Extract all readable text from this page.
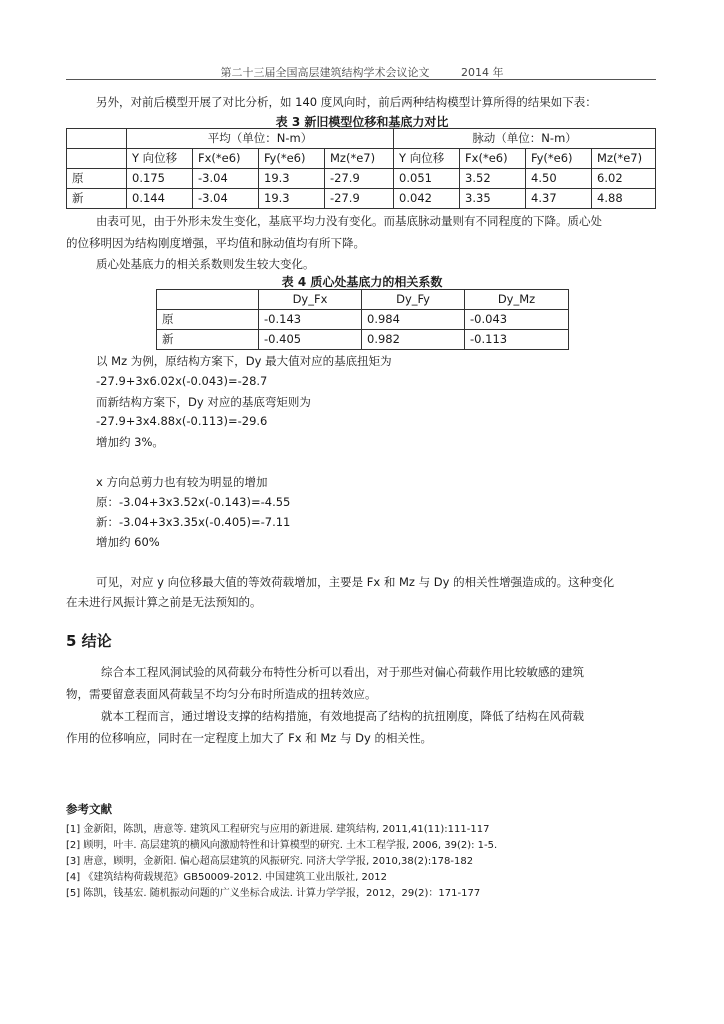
第二十三届全国高层建筑结构学术会议论文	2014 年
另外，对前后模型开展了对比分析，如 140 度风向时，前后两种结构模型计算所得的结果如下表：
表 3 新旧模型位移和基底力对比
	平均（单位：N-m）				脉动（单位：N-m）			
	Y 向位移	Fx(*e6)	Fy(*e6)	Mz(*e7)	Y 向位移	Fx(*e6)	Fy(*e6)	Mz(*e7)
原	0.175	-3.04	19.3	-27.9	0.051	3.52	4.50	6.02
新	0.144	-3.04	19.3	-27.9	0.042	3.35	4.37	4.88
由表可见，由于外形未发生变化，基底平均力没有变化。而基底脉动量则有不同程度的下降。质心处
的位移明因为结构刚度增强，平均值和脉动值均有所下降。
质心处基底力的相关系数则发生较大变化。
表 4 质心处基底力的相关系数
	Dy_Fx	Dy_Fy	Dy_Mz
原	-0.143	0.984	-0.043
新	-0.405	0.982	-0.113
以 Mz 为例，原结构方案下，Dy 最大值对应的基底扭矩为
-27.9+3x6.02x(-0.043)=-28.7
而新结构方案下，Dy 对应的基底弯矩则为
-27.9+3x4.88x(-0.113)=-29.6
增加约 3%。
x 方向总剪力也有较为明显的增加
原：-3.04+3x3.52x(-0.143)=-4.55
新：-3.04+3x3.35x(-0.405)=-7.11
增加约 60%
可见，对应 y 向位移最大值的等效荷载增加，主要是 Fx 和 Mz 与 Dy 的相关性增强造成的。这种变化
在未进行风振计算之前是无法预知的。
5 结论
综合本工程风洞试验的风荷载分布特性分析可以看出，对于那些对偏心荷载作用比较敏感的建筑
物，需要留意表面风荷载呈不均匀分布时所造成的扭转效应。
就本工程而言，通过增设支撑的结构措施，有效地提高了结构的抗扭刚度，降低了结构在风荷载
作用的位移响应，同时在一定程度上加大了 Fx 和 Mz 与 Dy 的相关性。
参考文献
[1] 金新阳，陈凯，唐意等. 建筑风工程研究与应用的新进展. 建筑结构, 2011,41(11):111-117
[2] 顾明，叶丰. 高层建筑的横风向激励特性和计算模型的研究. 土木工程学报, 2006, 39(2): 1-5.
[3] 唐意，顾明，金新阳. 偏心超高层建筑的风振研究. 同济大学学报, 2010,38(2):178-182
[4] 《建筑结构荷载规范》GB50009-2012. 中国建筑工业出版社, 2012
[5] 陈凯，钱基宏. 随机振动问题的广义坐标合成法. 计算力学学报，2012，29(2)：171-177
